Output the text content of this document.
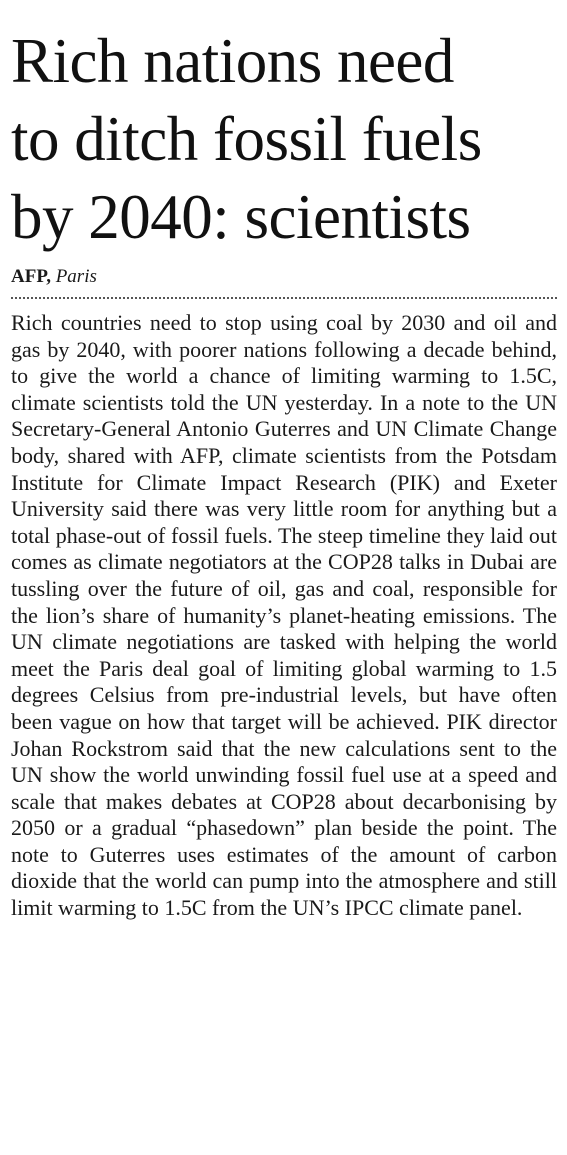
Rich nations need
to ditch fossil fuels
by 2040: scientists
AFP, Paris

Rich countries need to stop using coal by 2030 and oil and gas by 2040, with poorer nations following a decade behind, to give the world a chance of limiting warming to 1.5C, climate scientists told the UN yesterday. In a note to the UN Secretary-General Antonio Guterres and UN Climate Change body, shared with AFP, climate scientists from the Potsdam Institute for Climate Impact Research (PIK) and Exeter University said there was very little room for anything but a total phase-out of fossil fuels. The steep timeline they laid out comes as climate negotiators at the COP28 talks in Dubai are tussling over the future of oil, gas and coal, responsible for the lion’s share of humanity’s planet-heating emissions. The UN climate negotiations are tasked with helping the world meet the Paris deal goal of limiting global warming to 1.5 degrees Celsius from pre-industrial levels, but have often been vague on how that target will be achieved. PIK director Johan Rockstrom said that the new calculations sent to the UN show the world unwinding fossil fuel use at a speed and scale that makes debates at COP28 about decarbonising by 2050 or a gradual “phasedown” plan beside the point. The note to Guterres uses estimates of the amount of carbon dioxide that the world can pump into the atmosphere and still limit warming to 1.5C from the UN’s IPCC climate panel.
